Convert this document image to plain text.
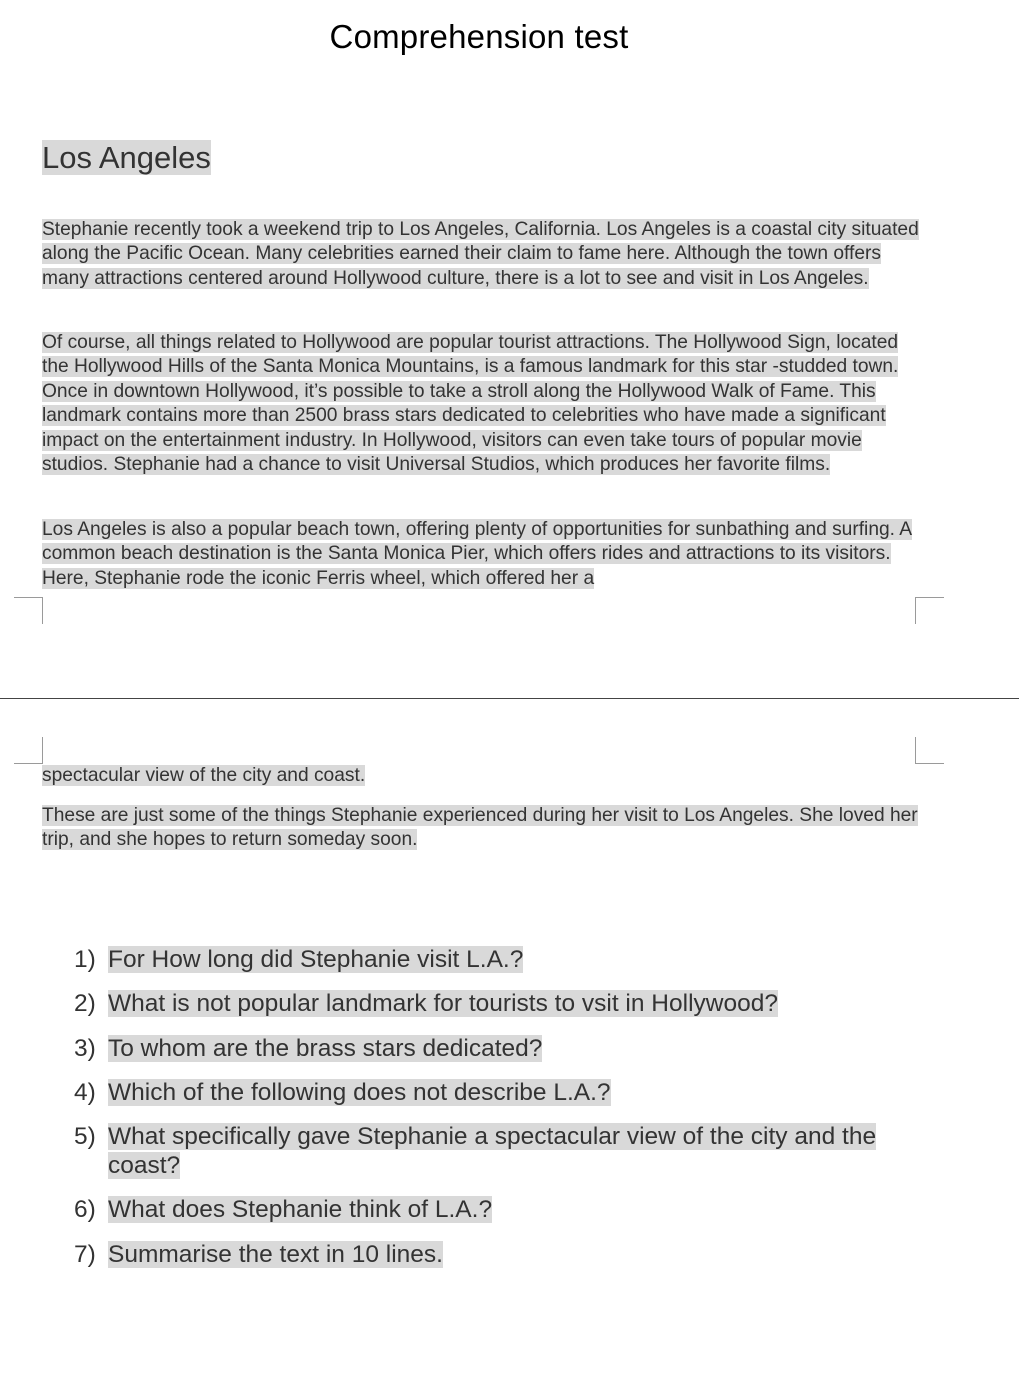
Comprehension test
Los Angeles

Stephanie recently took a weekend trip to Los Angeles, California. Los Angeles is a coastal city situated along the Pacific Ocean. Many celebrities earned their claim to fame here. Although the town offers many attractions centered around Hollywood culture, there is a lot to see and visit in Los Angeles.

Of course, all things related to Hollywood are popular tourist attractions. The Hollywood Sign, located the Hollywood Hills of the Santa Monica Mountains, is a famous landmark for this star -studded town. Once in downtown Hollywood, it’s possible to take a stroll along the Hollywood Walk of Fame. This landmark contains more than 2500 brass stars dedicated to celebrities who have made a significant impact on the entertainment industry. In Hollywood, visitors can even take tours of popular movie studios. Stephanie had a chance to visit Universal Studios, which produces her favorite films.

Los Angeles is also a popular beach town, offering plenty of opportunities for sunbathing and surfing. A common beach destination is the Santa Monica Pier, which offers rides and attractions to its visitors. Here, Stephanie rode the iconic Ferris wheel, which offered her a

spectacular view of the city and coast.

These are just some of the things Stephanie experienced during her visit to Los Angeles. She loved her trip, and she hopes to return someday soon.

1) For How long did Stephanie visit L.A.?
2) What is not popular landmark for tourists to vsit in Hollywood?
3) To whom are the brass stars dedicated?
4) Which of the following does not describe L.A.?
5) What specifically gave Stephanie a spectacular view of the city and the coast?
6) What does Stephanie think of L.A.?
7) Summarise the text in 10 lines.
